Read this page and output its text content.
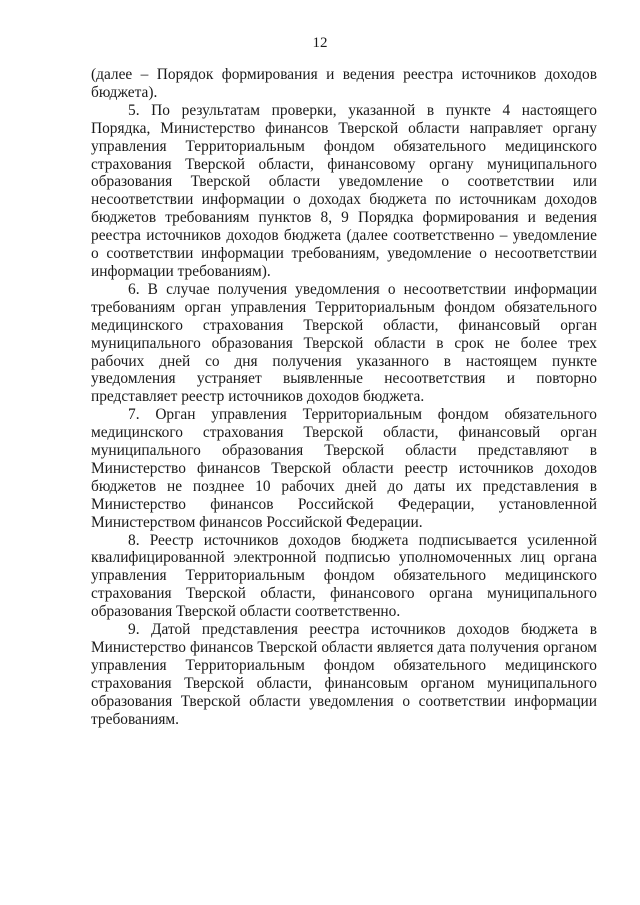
12

(далее – Порядок формирования и ведения реестра источников доходов бюджета).

5. По результатам проверки, указанной в пункте 4 настоящего Порядка, Министерство финансов Тверской области направляет органу управления Территориальным фондом обязательного медицинского страхования Тверской области, финансовому органу муниципального образования Тверской области уведомление о соответствии или несоответствии информации о доходах бюджета по источникам доходов бюджетов требованиям пунктов 8, 9 Порядка формирования и ведения реестра источников доходов бюджета (далее соответственно – уведомление о соответствии информации требованиям, уведомление о несоответствии информации требованиям).

6. В случае получения уведомления о несоответствии информации требованиям орган управления Территориальным фондом обязательного медицинского страхования Тверской области, финансовый орган муниципального образования Тверской области в срок не более трех рабочих дней со дня получения указанного в настоящем пункте уведомления устраняет выявленные несоответствия и повторно представляет реестр источников доходов бюджета.

7. Орган управления Территориальным фондом обязательного медицинского страхования Тверской области, финансовый орган муниципального образования Тверской области представляют в Министерство финансов Тверской области реестр источников доходов бюджетов не позднее 10 рабочих дней до даты их представления в Министерство финансов Российской Федерации, установленной Министерством финансов Российской Федерации.

8. Реестр источников доходов бюджета подписывается усиленной квалифицированной электронной подписью уполномоченных лиц органа управления Территориальным фондом обязательного медицинского страхования Тверской области, финансового органа муниципального образования Тверской области соответственно.

9. Датой представления реестра источников доходов бюджета в Министерство финансов Тверской области является дата получения органом управления Территориальным фондом обязательного медицинского страхования Тверской области, финансовым органом муниципального образования Тверской области уведомления о соответствии информации требованиям.
